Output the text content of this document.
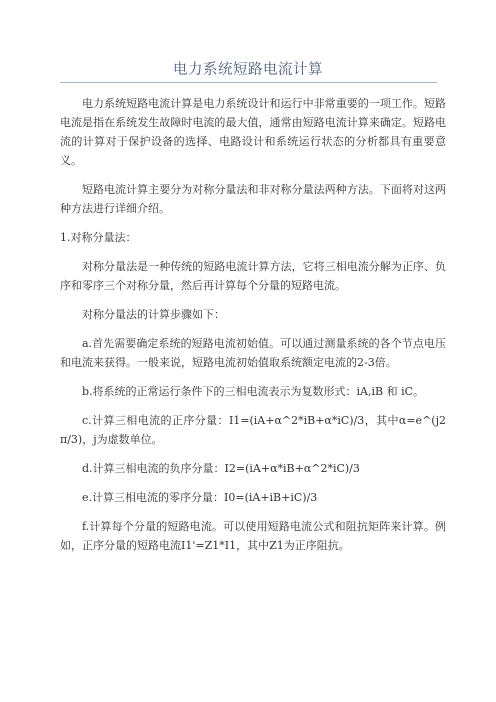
电力系统短路电流计算

电力系统短路电流计算是电力系统设计和运行中非常重要的一项工作。短路电流是指在系统发生故障时电流的最大值，通常由短路电流计算来确定。短路电流的计算对于保护设备的选择、电路设计和系统运行状态的分析都具有重要意义。

短路电流计算主要分为对称分量法和非对称分量法两种方法。下面将对这两种方法进行详细介绍。

1.对称分量法：

对称分量法是一种传统的短路电流计算方法，它将三相电流分解为正序、负序和零序三个对称分量，然后再计算每个分量的短路电流。

对称分量法的计算步骤如下：

a.首先需要确定系统的短路电流初始值。可以通过测量系统的各个节点电压和电流来获得。一般来说，短路电流初始值取系统额定电流的2-3倍。

b.将系统的正常运行条件下的三相电流表示为复数形式：iA,iB 和 iC。

c.计算三相电流的正序分量：I1=(iA+α^2*iB+α*iC)/3，其中α=e^(j2π/3)，j为虚数单位。

d.计算三相电流的负序分量：I2=(iA+α*iB+α^2*iC)/3

e.计算三相电流的零序分量：I0=(iA+iB+iC)/3

f.计算每个分量的短路电流。可以使用短路电流公式和阻抗矩阵来计算。例如，正序分量的短路电流I1'=Z1*I1，其中Z1为正序阻抗。
